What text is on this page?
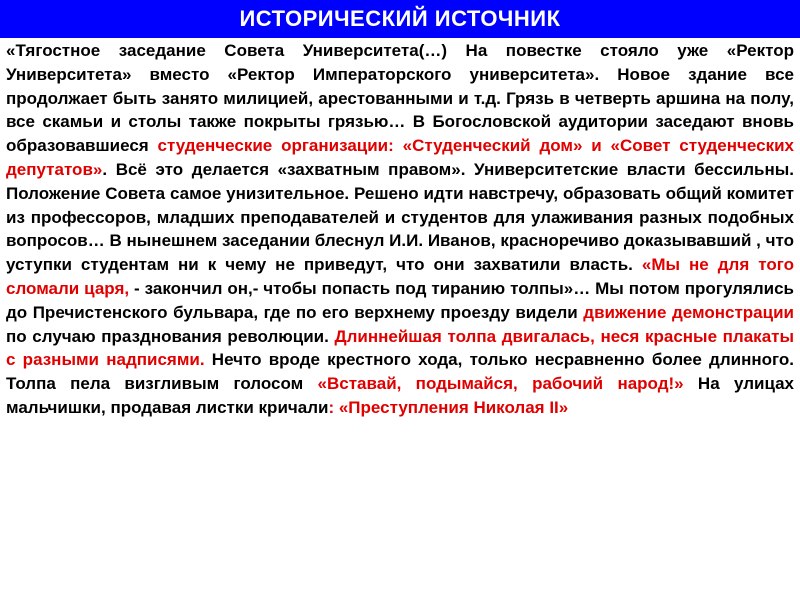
ИСТОРИЧЕСКИЙ ИСТОЧНИК

«Тягостное заседание Совета Университета(…) На повестке стояло уже «Ректор Университета» вместо «Ректор Императорского университета». Новое здание все продолжает быть занято милицией, арестованными и т.д. Грязь в четверть аршина на полу, все скамьи и столы также покрыты грязью… В Богословской аудитории заседают вновь образовавшиеся студенческие организации: «Студенческий дом» и «Совет студенческих депутатов». Всё это делается «захватным правом». Университетские власти бессильны. Положение Совета самое унизительное. Решено идти навстречу, образовать общий комитет из профессоров, младших преподавателей и студентов для улаживания разных подобных вопросов… В нынешнем заседании блеснул И.И. Иванов, красноречиво доказывавший , что уступки студентам ни к чему не приведут, что они захватили власть. «Мы не для того сломали царя, - закончил он,- чтобы попасть под тиранию толпы»… Мы потом прогулялись до Пречистенского бульвара, где по его верхнему проезду видели движение демонстрации по случаю празднования революции. Длиннейшая толпа двигалась, неся красные плакаты с разными надписями. Нечто вроде крестного хода, только несравненно более длинного. Толпа пела визгливым голосом «Вставай, подымайся, рабочий народ!» На улицах мальчишки, продавая листки кричали: «Преступления Николая II»
